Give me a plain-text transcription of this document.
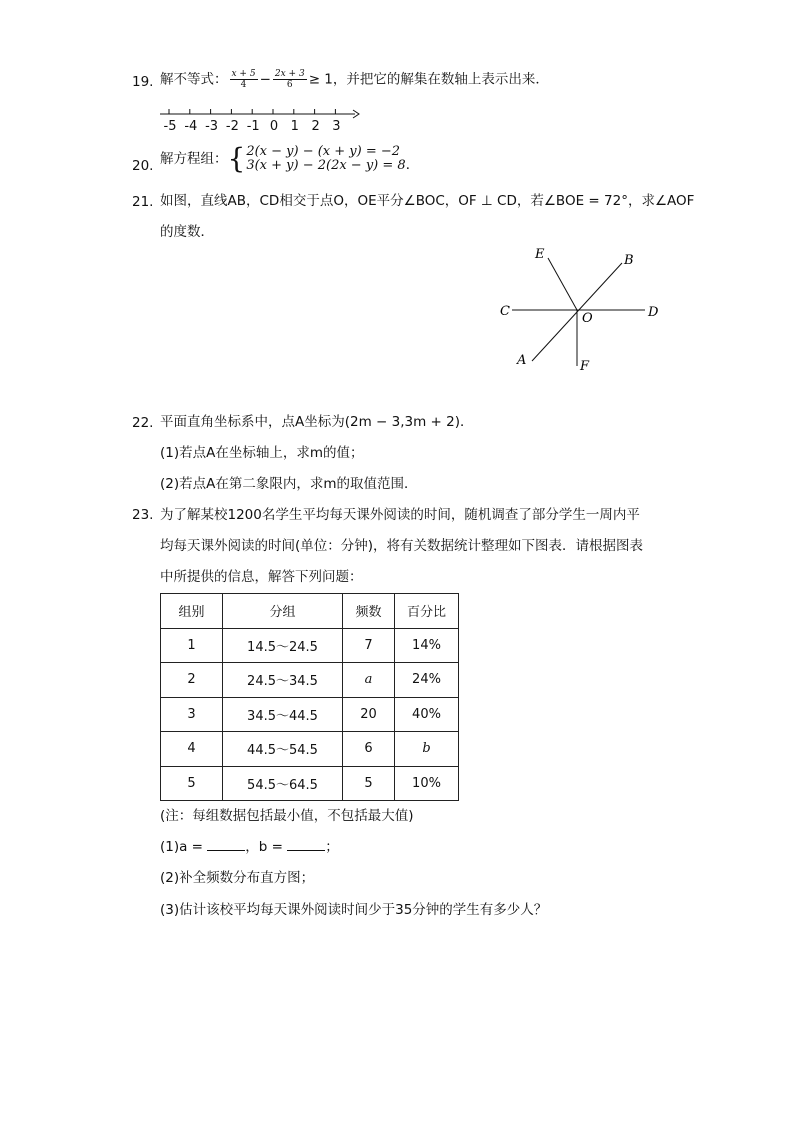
19. 解不等式： $\frac{x + 5}{4} - \frac{2x + 3}{6} \ge 1$，并把它的解集在数轴上表示出来．
-5 -4 -3 -2 -1 0 1 2 3
20. 解方程组：{ 2(x − y) − (x + y) = −2
3(x + y) − 2(2x − y) = 8 ．
21. 如图，直线AB，CD相交于点O，OE平分∠BOC，OF ⊥ CD，若∠BOE = 72°，求∠AOF
的度数．
E	B
C	O	D
A	F
22. 平面直角坐标系中，点A坐标为(2m − 3,3m + 2)．
(1)若点A在坐标轴上，求m的值；
(2)若点A在第二象限内，求m的取值范围．
23. 为了解某校1200名学生平均每天课外阅读的时间，随机调查了部分学生一周内平
均每天课外阅读的时间(单位：分钟)，将有关数据统计整理如下图表．请根据图表
中所提供的信息，解答下列问题：
组别	分组	频数	百分比
1	14.5～24.5	7	14%
2	24.5～34.5	a	24%
3	34.5～44.5	20	40%
4	44.5～54.5	6	b
5	54.5～64.5	5	10%
(注：每组数据包括最小值，不包括最大值)
(1)a =	，b =	；
(2)补全频数分布直方图；
(3)估计该校平均每天课外阅读时间少于35分钟的学生有多少人？
